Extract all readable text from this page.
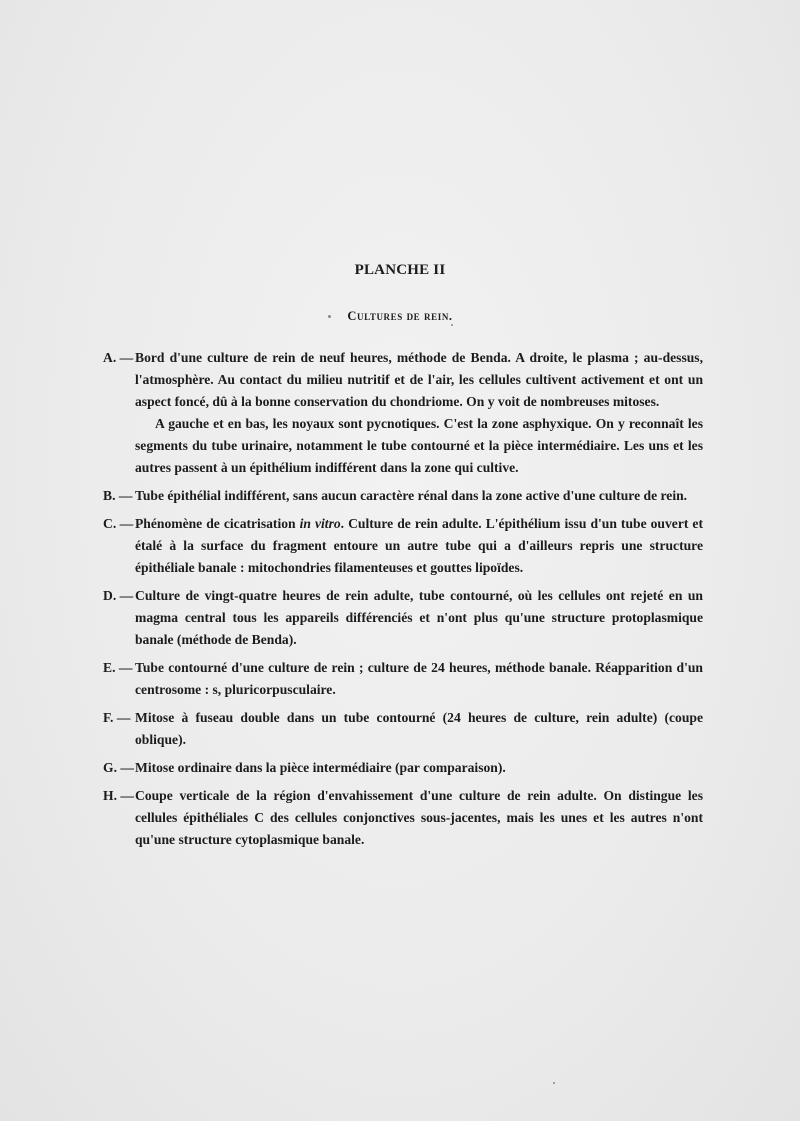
PLANCHE II
Cultures de rein.
A. — Bord d'une culture de rein de neuf heures, méthode de Benda. A droite, le plasma ; au-dessus, l'atmosphère. Au contact du milieu nutritif et de l'air, les cellules cultivent activement et ont un aspect foncé, dû à la bonne conservation du chondriome. On y voit de nombreuses mitoses.
A gauche et en bas, les noyaux sont pycnotiques. C'est la zone asphyxique. On y reconnaît les segments du tube urinaire, notamment le tube contourné et la pièce intermédiaire. Les uns et les autres passent à un épithélium indifférent dans la zone qui cultive.
B. — Tube épithélial indifférent, sans aucun caractère rénal dans la zone active d'une culture de rein.
C. — Phénomène de cicatrisation in vitro. Culture de rein adulte. L'épithélium issu d'un tube ouvert et étalé à la surface du fragment entoure un autre tube qui a d'ailleurs repris une structure épithéliale banale : mitochondries filamenteuses et gouttes lipoïdes.
D. — Culture de vingt-quatre heures de rein adulte, tube contourné, où les cellules ont rejeté en un magma central tous les appareils différenciés et n'ont plus qu'une structure protoplasmique banale (méthode de Benda).
E. — Tube contourné d'une culture de rein ; culture de 24 heures, méthode banale. Réapparition d'un centrosome : s, pluricorpusculaire.
F. — Mitose à fuseau double dans un tube contourné (24 heures de culture, rein adulte) (coupe oblique).
G. — Mitose ordinaire dans la pièce intermédiaire (par comparaison).
H. — Coupe verticale de la région d'envahissement d'une culture de rein adulte. On distingue les cellules épithéliales C des cellules conjonctives sous-jacentes, mais les unes et les autres n'ont qu'une structure cytoplasmique banale.
